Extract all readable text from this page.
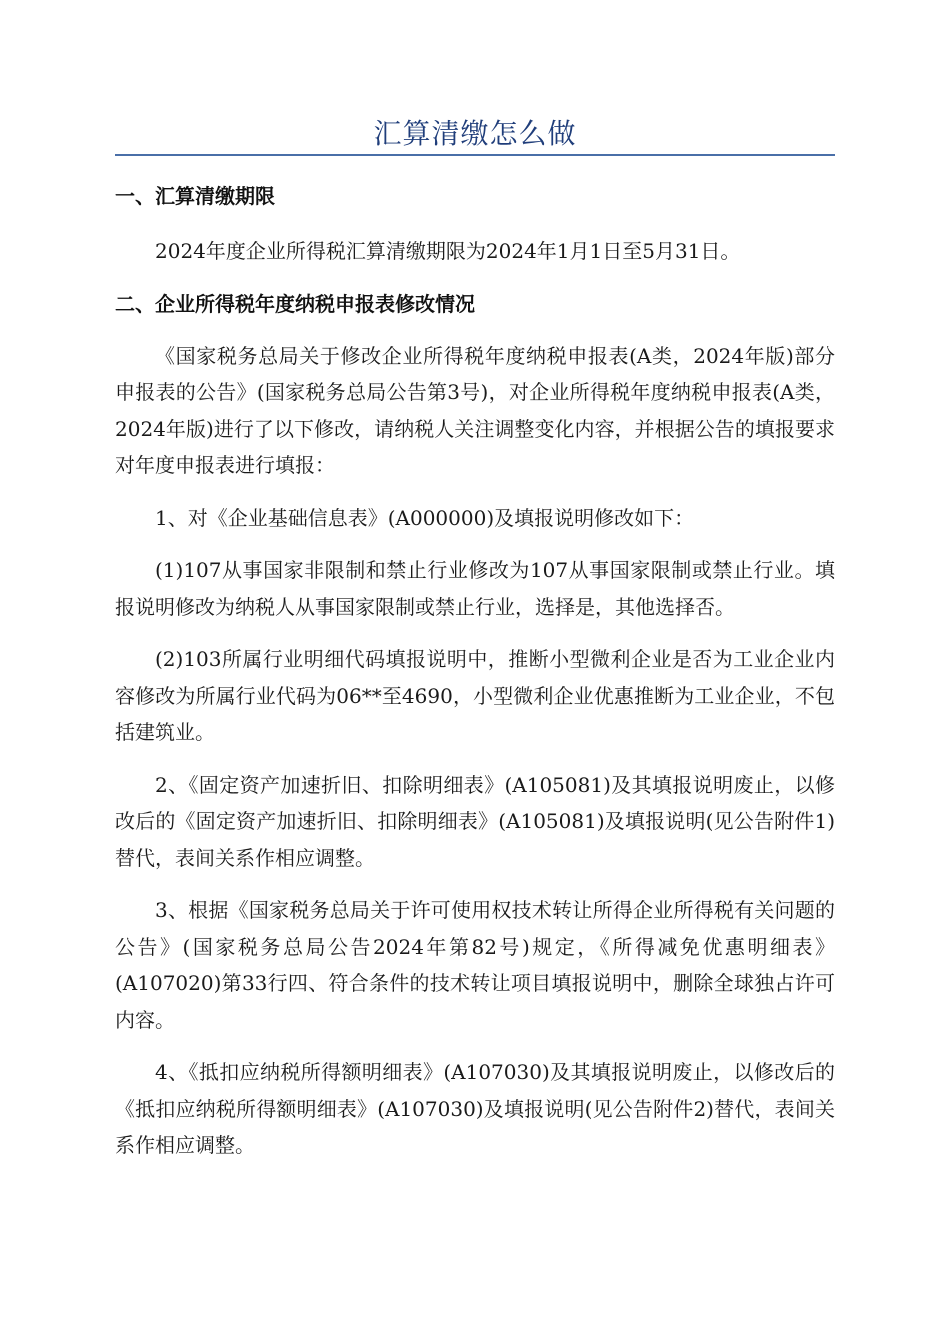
汇算清缴怎么做
一、汇算清缴期限

2024年度企业所得税汇算清缴期限为2024年1月1日至5月31日。

二、企业所得税年度纳税申报表修改情况

《国家税务总局关于修改企业所得税年度纳税申报表(A类，2024年版)部分申报表的公告》(国家税务总局公告第3号)，对企业所得税年度纳税申报表(A类，2024年版)进行了以下修改，请纳税人关注调整变化内容，并根据公告的填报要求对年度申报表进行填报：

1、对《企业基础信息表》(A000000)及填报说明修改如下：

(1)107从事国家非限制和禁止行业修改为107从事国家限制或禁止行业。填报说明修改为纳税人从事国家限制或禁止行业，选择是，其他选择否。

(2)103所属行业明细代码填报说明中，推断小型微利企业是否为工业企业内容修改为所属行业代码为06**至4690，小型微利企业优惠推断为工业企业，不包括建筑业。

2、《固定资产加速折旧、扣除明细表》(A105081)及其填报说明废止，以修改后的《固定资产加速折旧、扣除明细表》(A105081)及填报说明(见公告附件1)替代，表间关系作相应调整。

3、根据《国家税务总局关于许可使用权技术转让所得企业所得税有关问题的公告》(国家税务总局公告2024年第82号)规定，《所得减免优惠明细表》(A107020)第33行四、符合条件的技术转让项目填报说明中，删除全球独占许可内容。

4、《抵扣应纳税所得额明细表》(A107030)及其填报说明废止，以修改后的《抵扣应纳税所得额明细表》(A107030)及填报说明(见公告附件2)替代，表间关系作相应调整。
